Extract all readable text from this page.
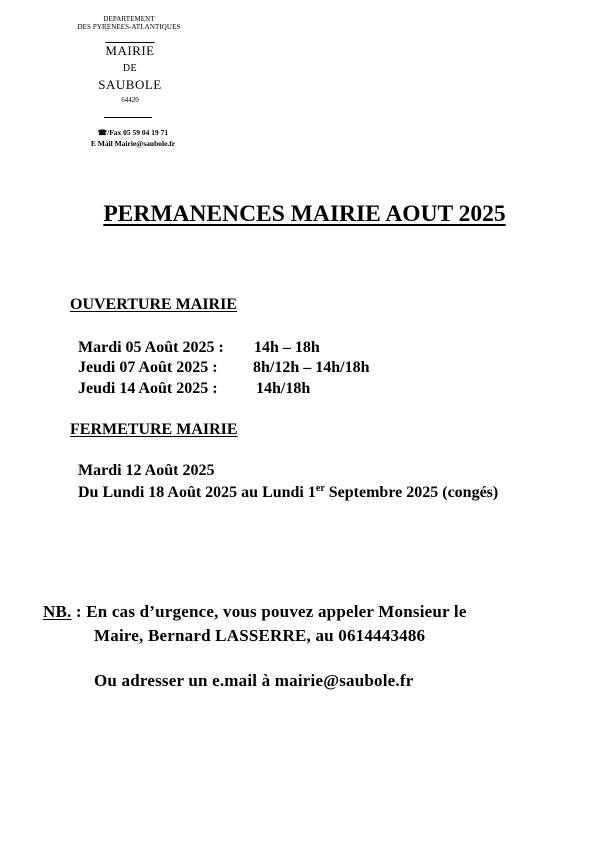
DEPARTEMENT
DES PYRENEES-ATLANTIQUES
MAIRIE
DE
SAUBOLE
64420
☎/Fax 05 59 04 19 71
E Mail Mairie@saubole.fr
PERMANENCES MAIRIE AOUT 2025
OUVERTURE MAIRIE
Mardi 05 Août 2025 : 14h – 18h
Jeudi 07 Août 2025 : 8h/12h – 14h/18h
Jeudi 14 Août 2025 : 14h/18h
FERMETURE MAIRIE
Mardi 12 Août 2025
Du Lundi 18 Août 2025 au Lundi 1er Septembre 2025 (congés)
NB. : En cas d’urgence, vous pouvez appeler Monsieur le
Maire, Bernard LASSERRE, au 0614443486
Ou adresser un e.mail à mairie@saubole.fr
